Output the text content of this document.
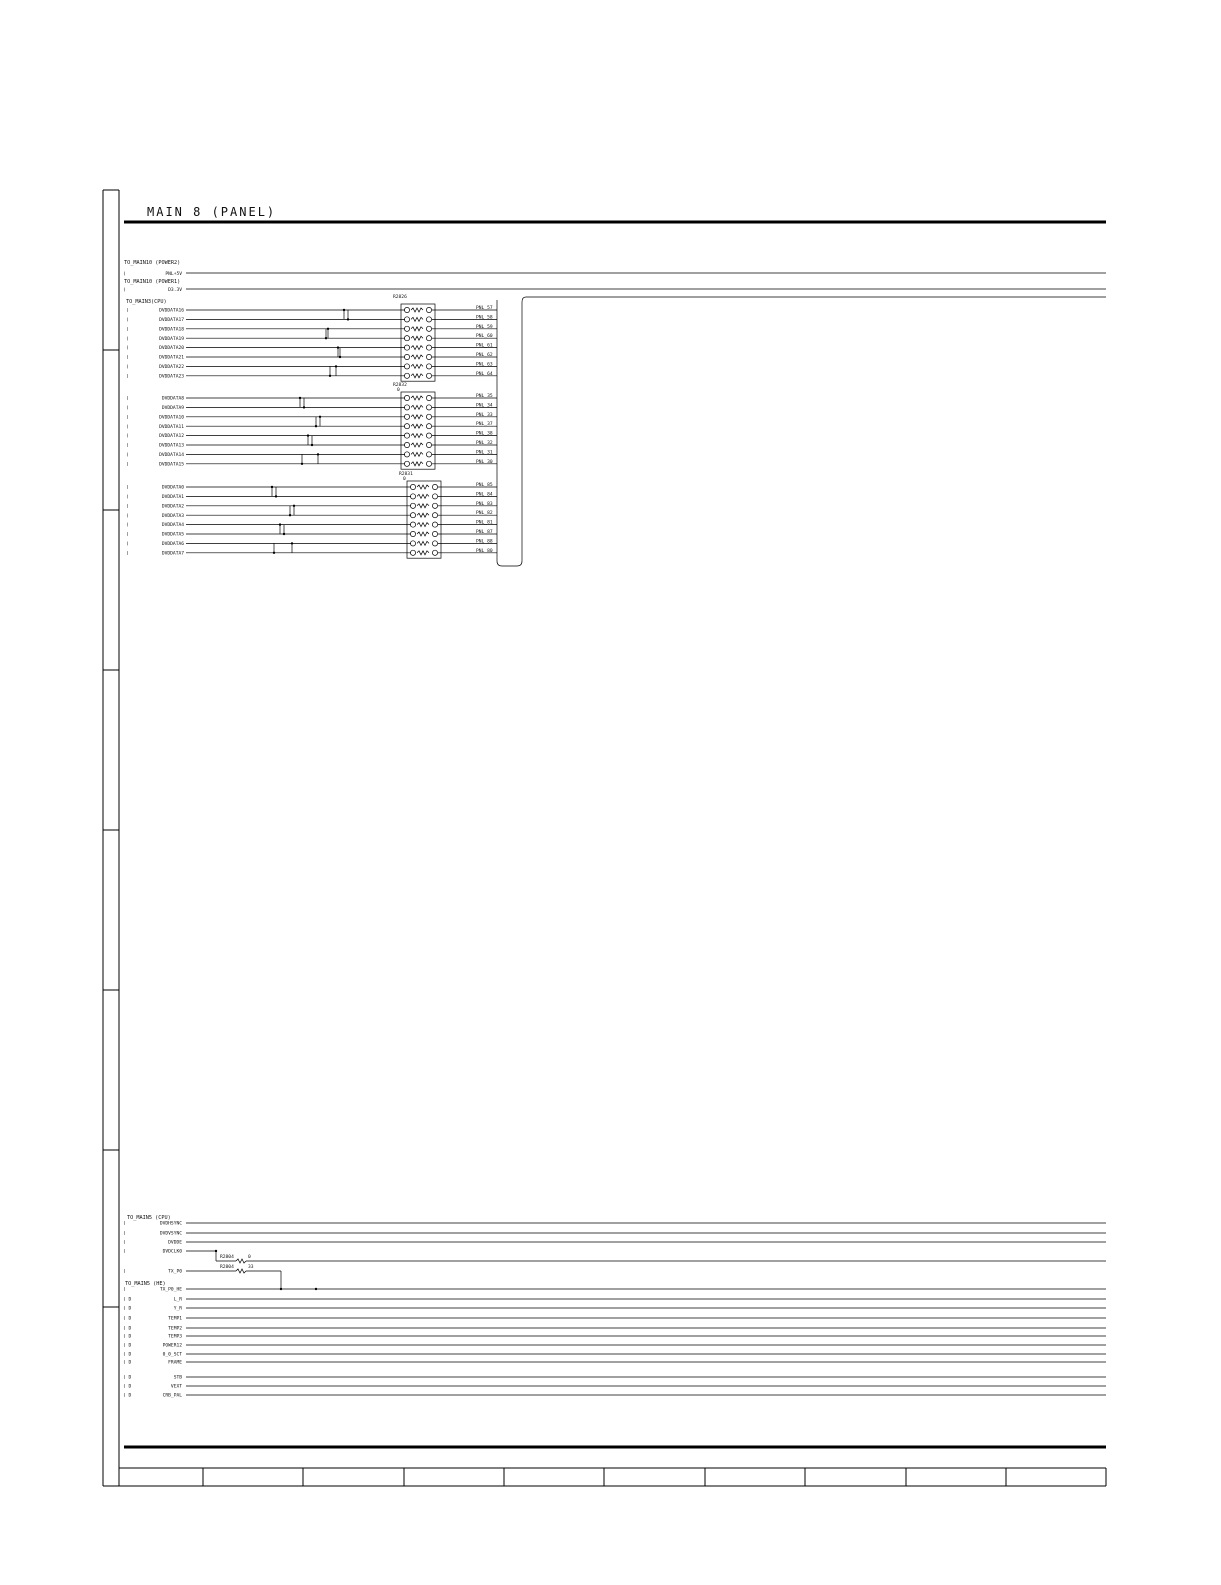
MAIN 8 (PANEL)
TO_MAIN10 (POWER2)
(	PNL+5V
TO_MAIN10 (POWER1)
(	D3.3V
TO_MAIN3(CPU)
R2826
(	DVDDATA16
PNL_57
(	DVDDATA17
PNL_58
(	DVDDATA18
PNL_59
(	DVDDATA19
PNL_60
(	DVDDATA20
PNL_61
(	DVDDATA21
PNL_62
(	DVDDATA22
PNL_63
(	DVDDATA23
PNL_64
R2832
0
(	DVDDATA8
PNL_35
(	DVDDATA9
PNL_34
(	DVDDATA10
PNL_33
(	DVDDATA11
PNL_37
(	DVDDATA12
PNL_38
(	DVDDATA13
PNL_32
(	DVDDATA14
PNL_31
(	DVDDATA15
PNL_30
R2831
0
(	DVDDATA0
PNL_85
(	DVDDATA1
PNL_84
(	DVDDATA2
PNL_83
(	DVDDATA3
PNL_82
(	DVDDATA4
PNL_81
(	DVDDATA5
PNL_87
(	DVDDATA6
PNL_88
(	DVDDATA7
PNL_80
TO_MAIN5 (CPU)
(	DVDHSYNC
(	DVDVSYNC
(	DVDDE
(	DVDCLK0
(	TX_P0
R2804	0
R2804	33
TO_MAIN5 (HE)
(	TX_P0_HE
( D	L_R
( D	Y_R
( D	TEMP1
( D	TEMP2
( D	TEMP3
( D	POWER12
( D	0_0_SCT
( D	FRAME
( D	STB
( D	VEXT
( D	CRB_PAL
